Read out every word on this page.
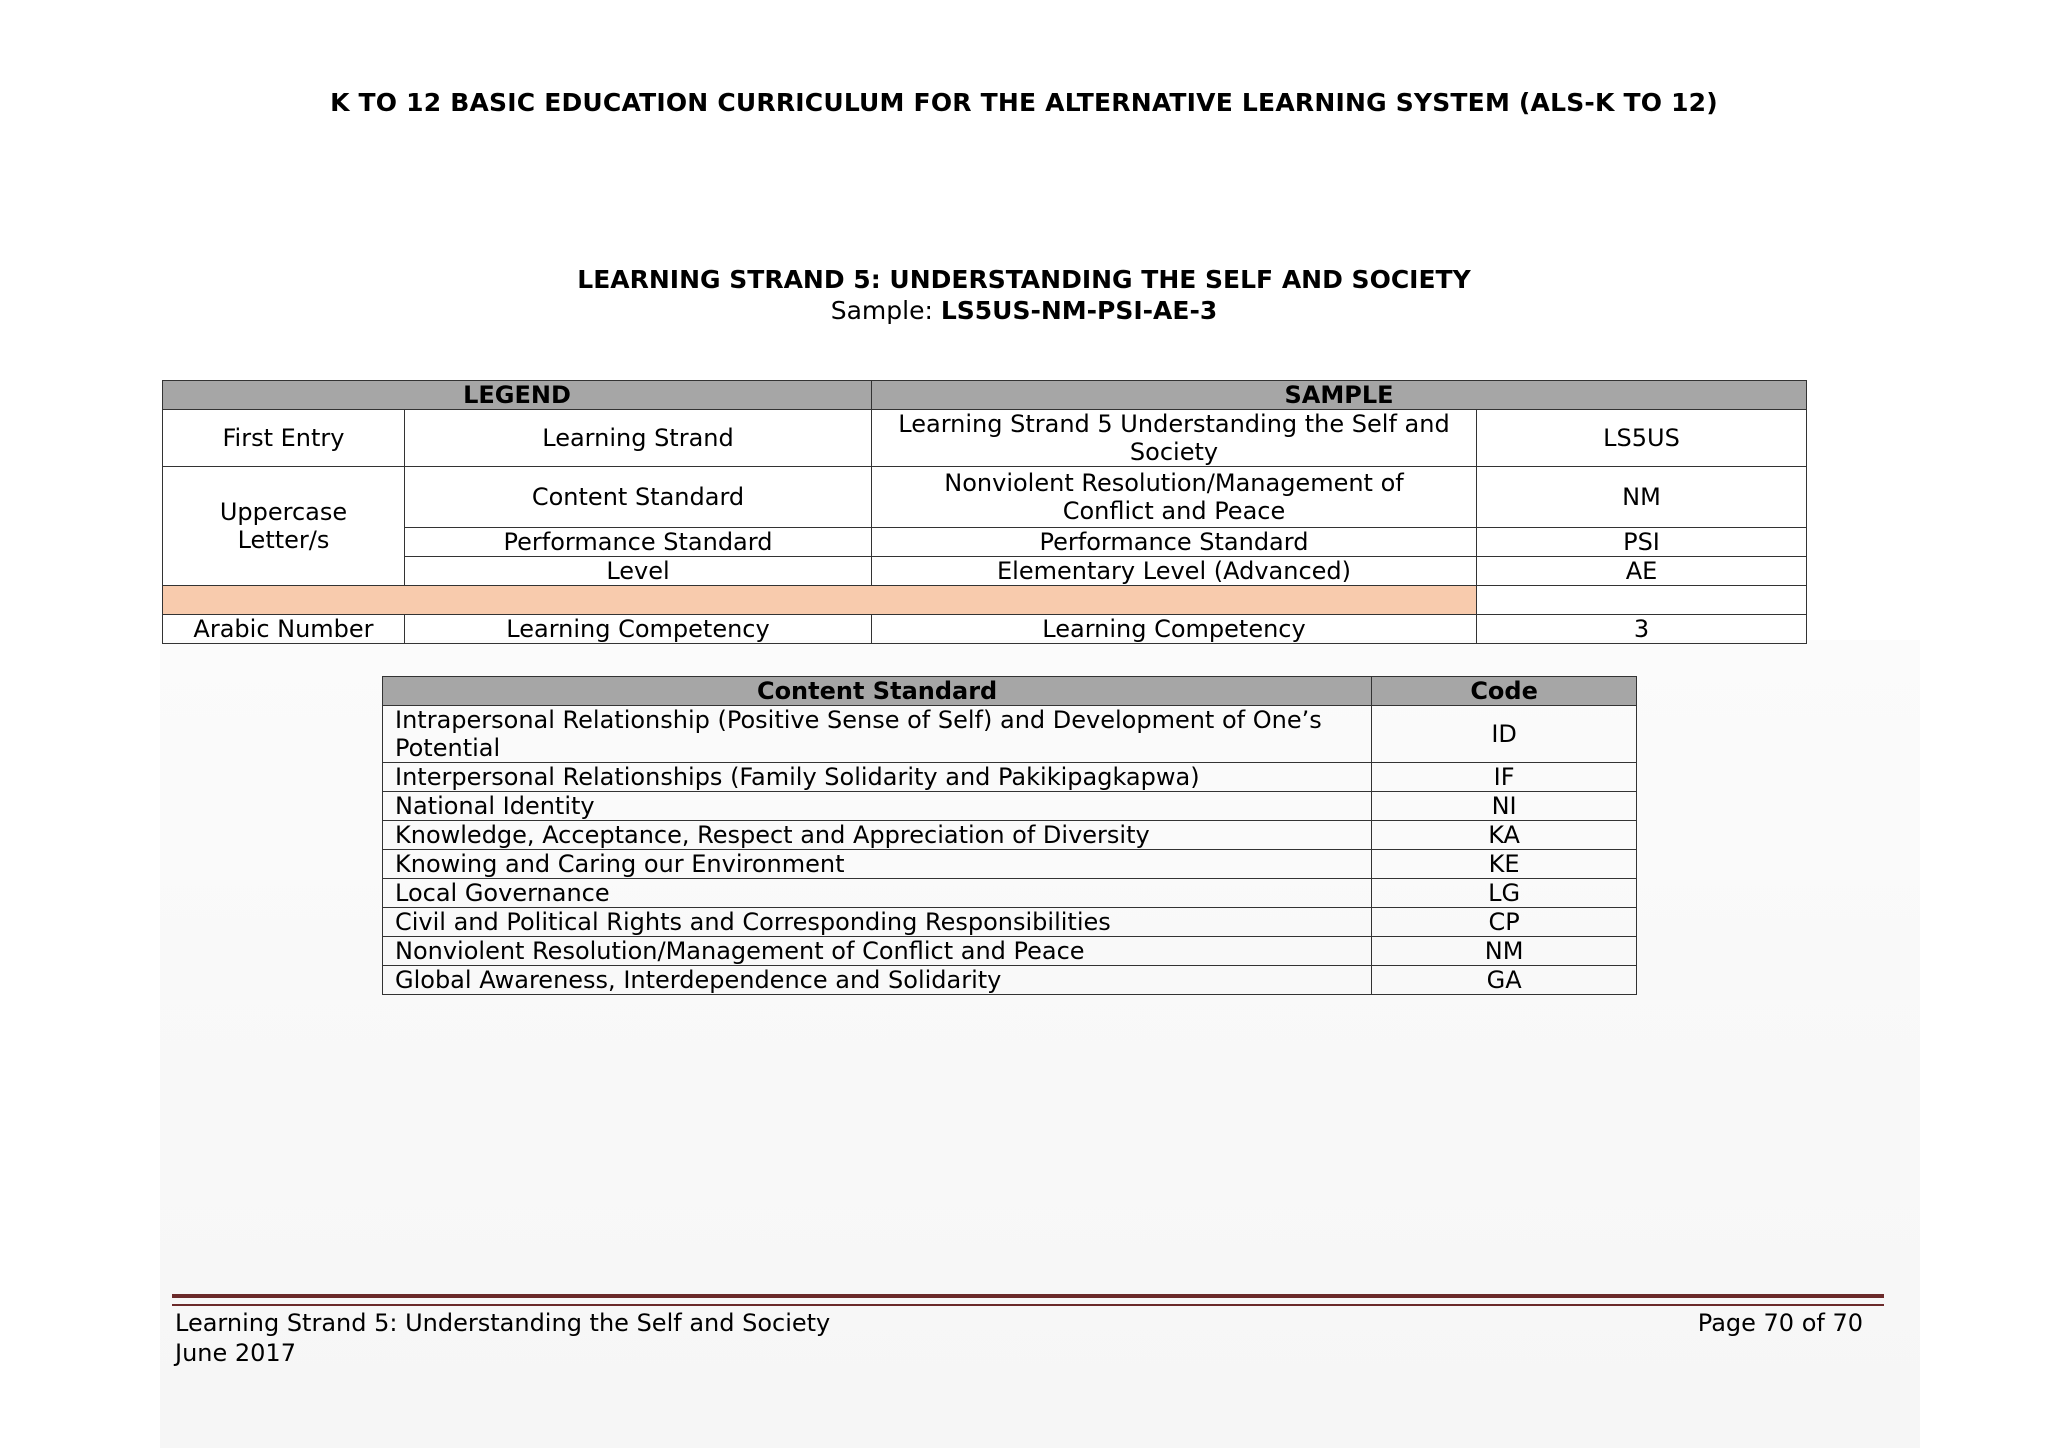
K TO 12 BASIC EDUCATION CURRICULUM FOR THE ALTERNATIVE LEARNING SYSTEM (ALS-K TO 12)
LEARNING STRAND 5: UNDERSTANDING THE SELF AND SOCIETY
Sample: LS5US-NM-PSI-AE-3
LEGEND		SAMPLE	
First Entry	Learning Strand	Learning Strand 5 Understanding the Self and Society	LS5US
Uppercase Letter/s	Content Standard	Nonviolent Resolution/Management of Conflict and Peace	NM
	Performance Standard	Performance Standard	PSI
	Level	Elementary Level (Advanced)	AE

Arabic Number	Learning Competency	Learning Competency	3
Content Standard	Code
Intrapersonal Relationship (Positive Sense of Self) and Development of One’s Potential	ID
Interpersonal Relationships (Family Solidarity and Pakikipagkapwa)	IF
National Identity	NI
Knowledge, Acceptance, Respect and Appreciation of Diversity	KA
Knowing and Caring our Environment	KE
Local Governance	LG
Civil and Political Rights and Corresponding Responsibilities	CP
Nonviolent Resolution/Management of Conflict and Peace	NM
Global Awareness, Interdependence and Solidarity	GA
Learning Strand 5: Understanding the Self and Society
June 2017
Page 70 of 70
